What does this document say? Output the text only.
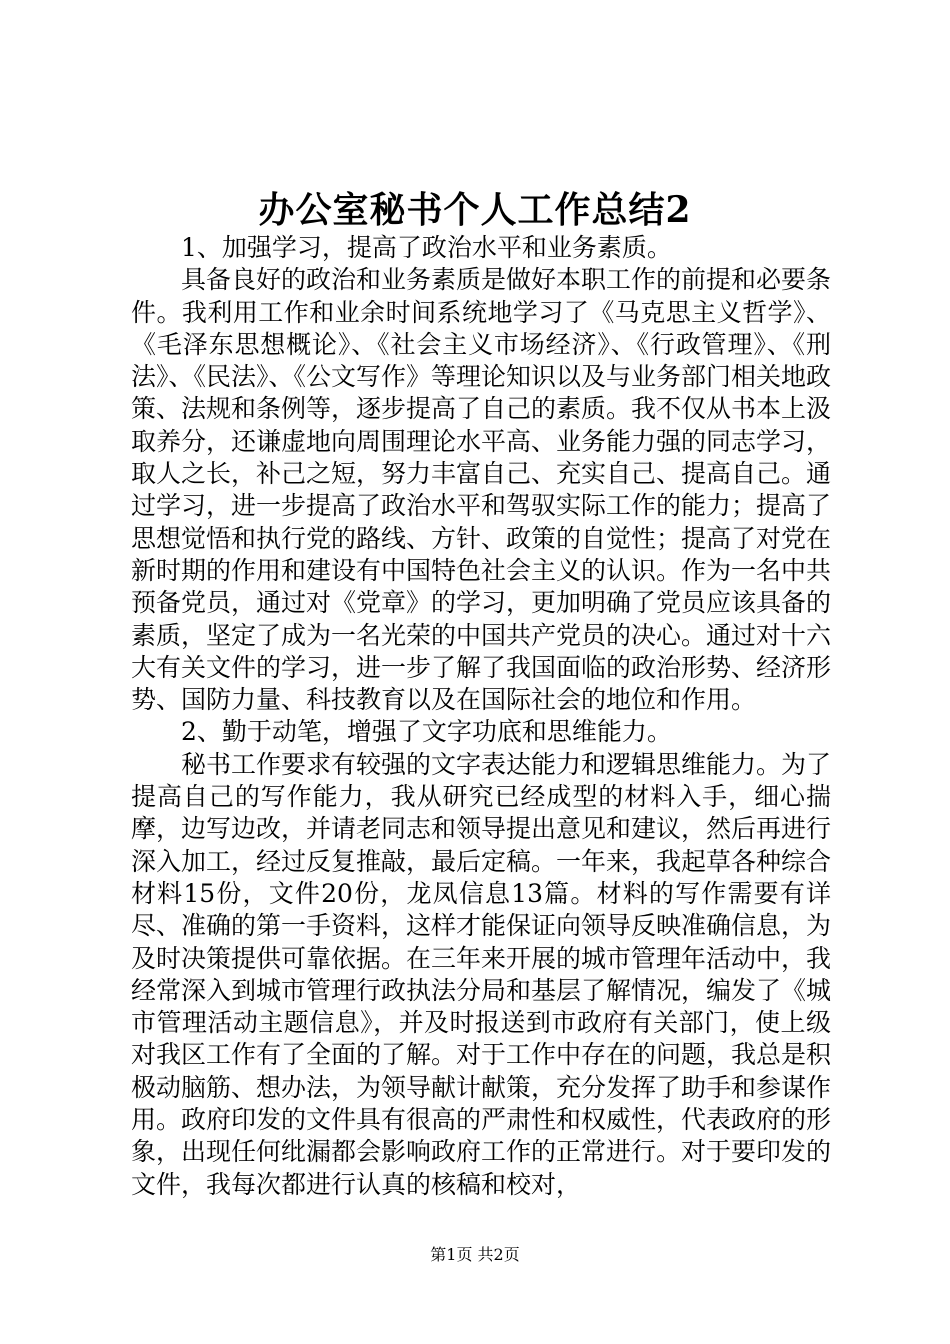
办公室秘书个人工作总结2

1、加强学习，提高了政治水平和业务素质。

具备良好的政治和业务素质是做好本职工作的前提和必要条件。我利用工作和业余时间系统地学习了《马克思主义哲学》、《毛泽东思想概论》、《社会主义市场经济》、《行政管理》、《刑法》、《民法》、《公文写作》等理论知识以及与业务部门相关地政策、法规和条例等，逐步提高了自己的素质。我不仅从书本上汲取养分，还谦虚地向周围理论水平高、业务能力强的同志学习，取人之长，补己之短，努力丰富自己、充实自己、提高自己。通过学习，进一步提高了政治水平和驾驭实际工作的能力；提高了思想觉悟和执行党的路线、方针、政策的自觉性；提高了对党在新时期的作用和建设有中国特色社会主义的认识。作为一名中共预备党员，通过对《党章》的学习，更加明确了党员应该具备的素质，坚定了成为一名光荣的中国共产党员的决心。通过对十六大有关文件的学习，进一步了解了我国面临的政治形势、经济形势、国防力量、科技教育以及在国际社会的地位和作用。

2、勤于动笔，增强了文字功底和思维能力。

秘书工作要求有较强的文字表达能力和逻辑思维能力。为了提高自己的写作能力，我从研究已经成型的材料入手，细心揣摩，边写边改，并请老同志和领导提出意见和建议，然后再进行深入加工，经过反复推敲，最后定稿。一年来，我起草各种综合材料15份，文件20份，龙凤信息13篇。材料的写作需要有详尽、准确的第一手资料，这样才能保证向领导反映准确信息，为及时决策提供可靠依据。在三年来开展的城市管理年活动中，我经常深入到城市管理行政执法分局和基层了解情况，编发了《城市管理活动主题信息》，并及时报送到市政府有关部门，使上级对我区工作有了全面的了解。对于工作中存在的问题，我总是积极动脑筋、想办法，为领导献计献策，充分发挥了助手和参谋作用。政府印发的文件具有很高的严肃性和权威性，代表政府的形象，出现任何纰漏都会影响政府工作的正常进行。对于要印发的文件，我每次都进行认真的核稿和校对，

第1页 共2页
